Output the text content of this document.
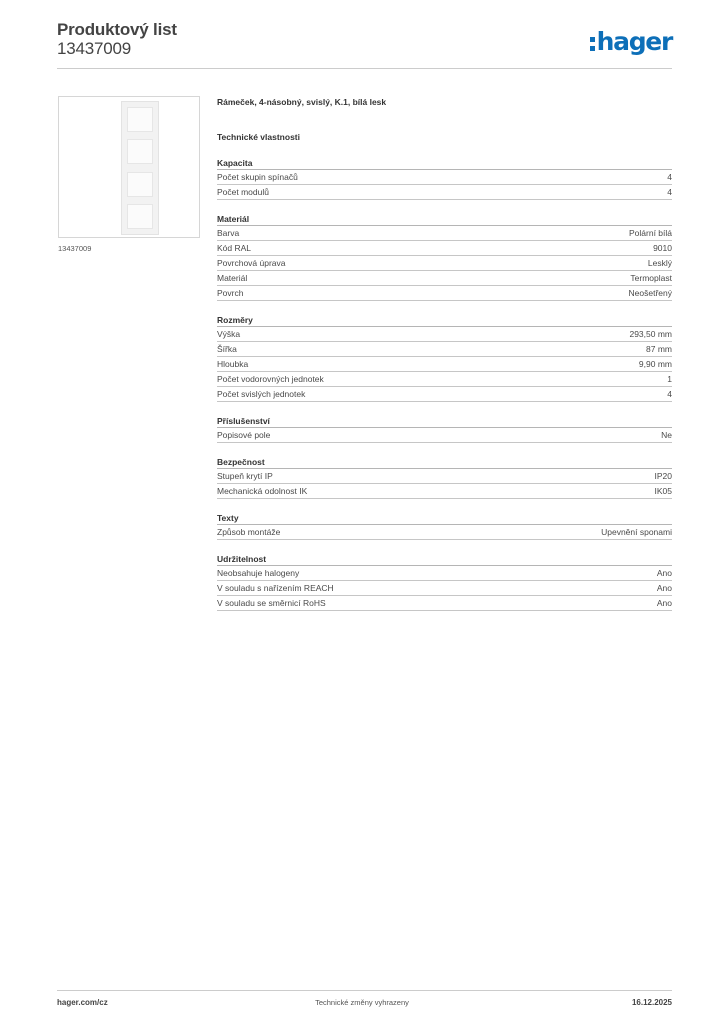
Produktový list
13437009	hager
13437009
Rámeček, 4-násobný, svislý, K.1, bílá lesk
Technické vlastnosti
Kapacita
Počet skupin spínačů	4
Počet modulů	4
Materiál
Barva	Polární bílá
Kód RAL	9010
Povrchová úprava	Lesklý
Materiál	Termoplast
Povrch	Neošetřený
Rozměry
Výška	293,50 mm
Šířka	87 mm
Hloubka	9,90 mm
Počet vodorovných jednotek	1
Počet svislých jednotek	4
Příslušenství
Popisové pole	Ne
Bezpečnost
Stupeň krytí IP	IP20
Mechanická odolnost IK	IK05
Texty
Způsob montáže	Upevnění sponami
Udržitelnost
Neobsahuje halogeny	Ano
V souladu s nařízením REACH	Ano
V souladu se směrnicí RoHS	Ano
hager.com/cz	Technické změny vyhrazeny	16.12.2025
